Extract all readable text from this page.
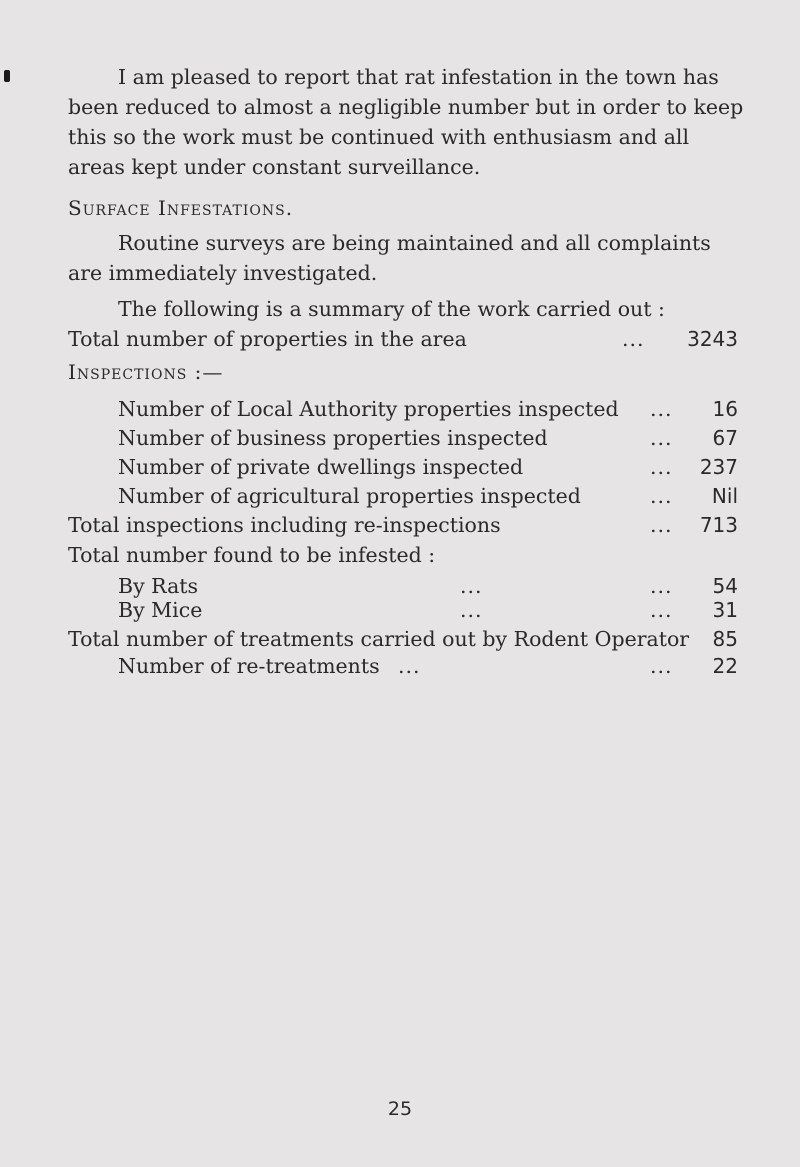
I am pleased to report that rat infestation in the town has been reduced to almost a negligible number but in order to keep this so the work must be continued with enthusiasm and all areas kept under constant surveillance.

Surface Infestations.

Routine surveys are being maintained and all complaints are immediately investigated.

The following is a summary of the work carried out :

Total number of properties in the area	... 3243

Inspections :—

Number of Local Authority properties inspected ... 16
Number of business properties inspected	... 67
Number of private dwellings inspected	... 237
Number of agricultural properties inspected	... Nil
Total inspections including re-inspections	... 713

Total number found to be infested :

By Rats	...	... 54
By Mice	...	... 31
Total number of treatments carried out by Rodent Operator 85
Number of re-treatments ...	... 22
25
